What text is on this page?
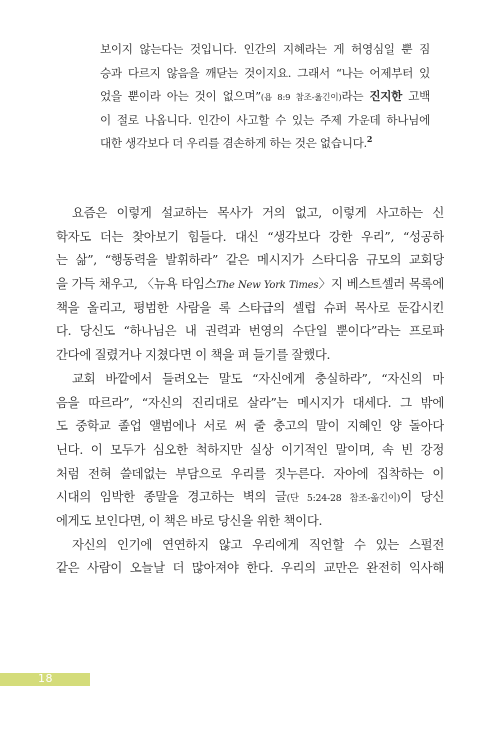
보이지 않는다는 것입니다. 인간의 지혜라는 게 허영심일 뿐 짐
승과 다르지 않음을 깨닫는 것이지요. 그래서 “나는 어제부터 있
었을 뿐이라 아는 것이 없으며”(욥 8:9 참조-옮긴이)라는 진지한 고백
이 절로 나옵니다. 인간이 사고할 수 있는 주제 가운데 하나님에
대한 생각보다 더 우리를 겸손하게 하는 것은 없습니다.$^2$
요즘은 이렇게 설교하는 목사가 거의 없고, 이렇게 사고하는 신
학자도 더는 찾아보기 힘들다. 대신 “생각보다 강한 우리”, “성공하
는 삶”, “행동력을 발휘하라” 같은 메시지가 스타디움 규모의 교회당
을 가득 채우고, 〈뉴욕 타임스The New York Times〉지 베스트셀러 목록에
책을 올리고, 평범한 사람을 록 스타급의 셀럽 슈퍼 목사로 둔갑시킨
다. 당신도 “하나님은 내 권력과 번영의 수단일 뿐이다”라는 프로파
간다에 질렸거나 지쳤다면 이 책을 펴 들기를 잘했다.
교회 바깥에서 들려오는 말도 “자신에게 충실하라”, “자신의 마
음을 따르라”, “자신의 진리대로 살라”는 메시지가 대세다. 그 밖에
도 중학교 졸업 앨범에나 서로 써 줄 충고의 말이 지혜인 양 돌아다
닌다. 이 모두가 심오한 척하지만 실상 이기적인 말이며, 속 빈 강정
처럼 전혀 쓸데없는 부담으로 우리를 짓누른다. 자아에 집착하는 이
시대의 임박한 종말을 경고하는 벽의 글(단 5:24-28 참조-옮긴이)이 당신
에게도 보인다면, 이 책은 바로 당신을 위한 책이다.
자신의 인기에 연연하지 않고 우리에게 직언할 수 있는 스펄전
같은 사람이 오늘날 더 많아져야 한다. 우리의 교만은 완전히 익사해
18
